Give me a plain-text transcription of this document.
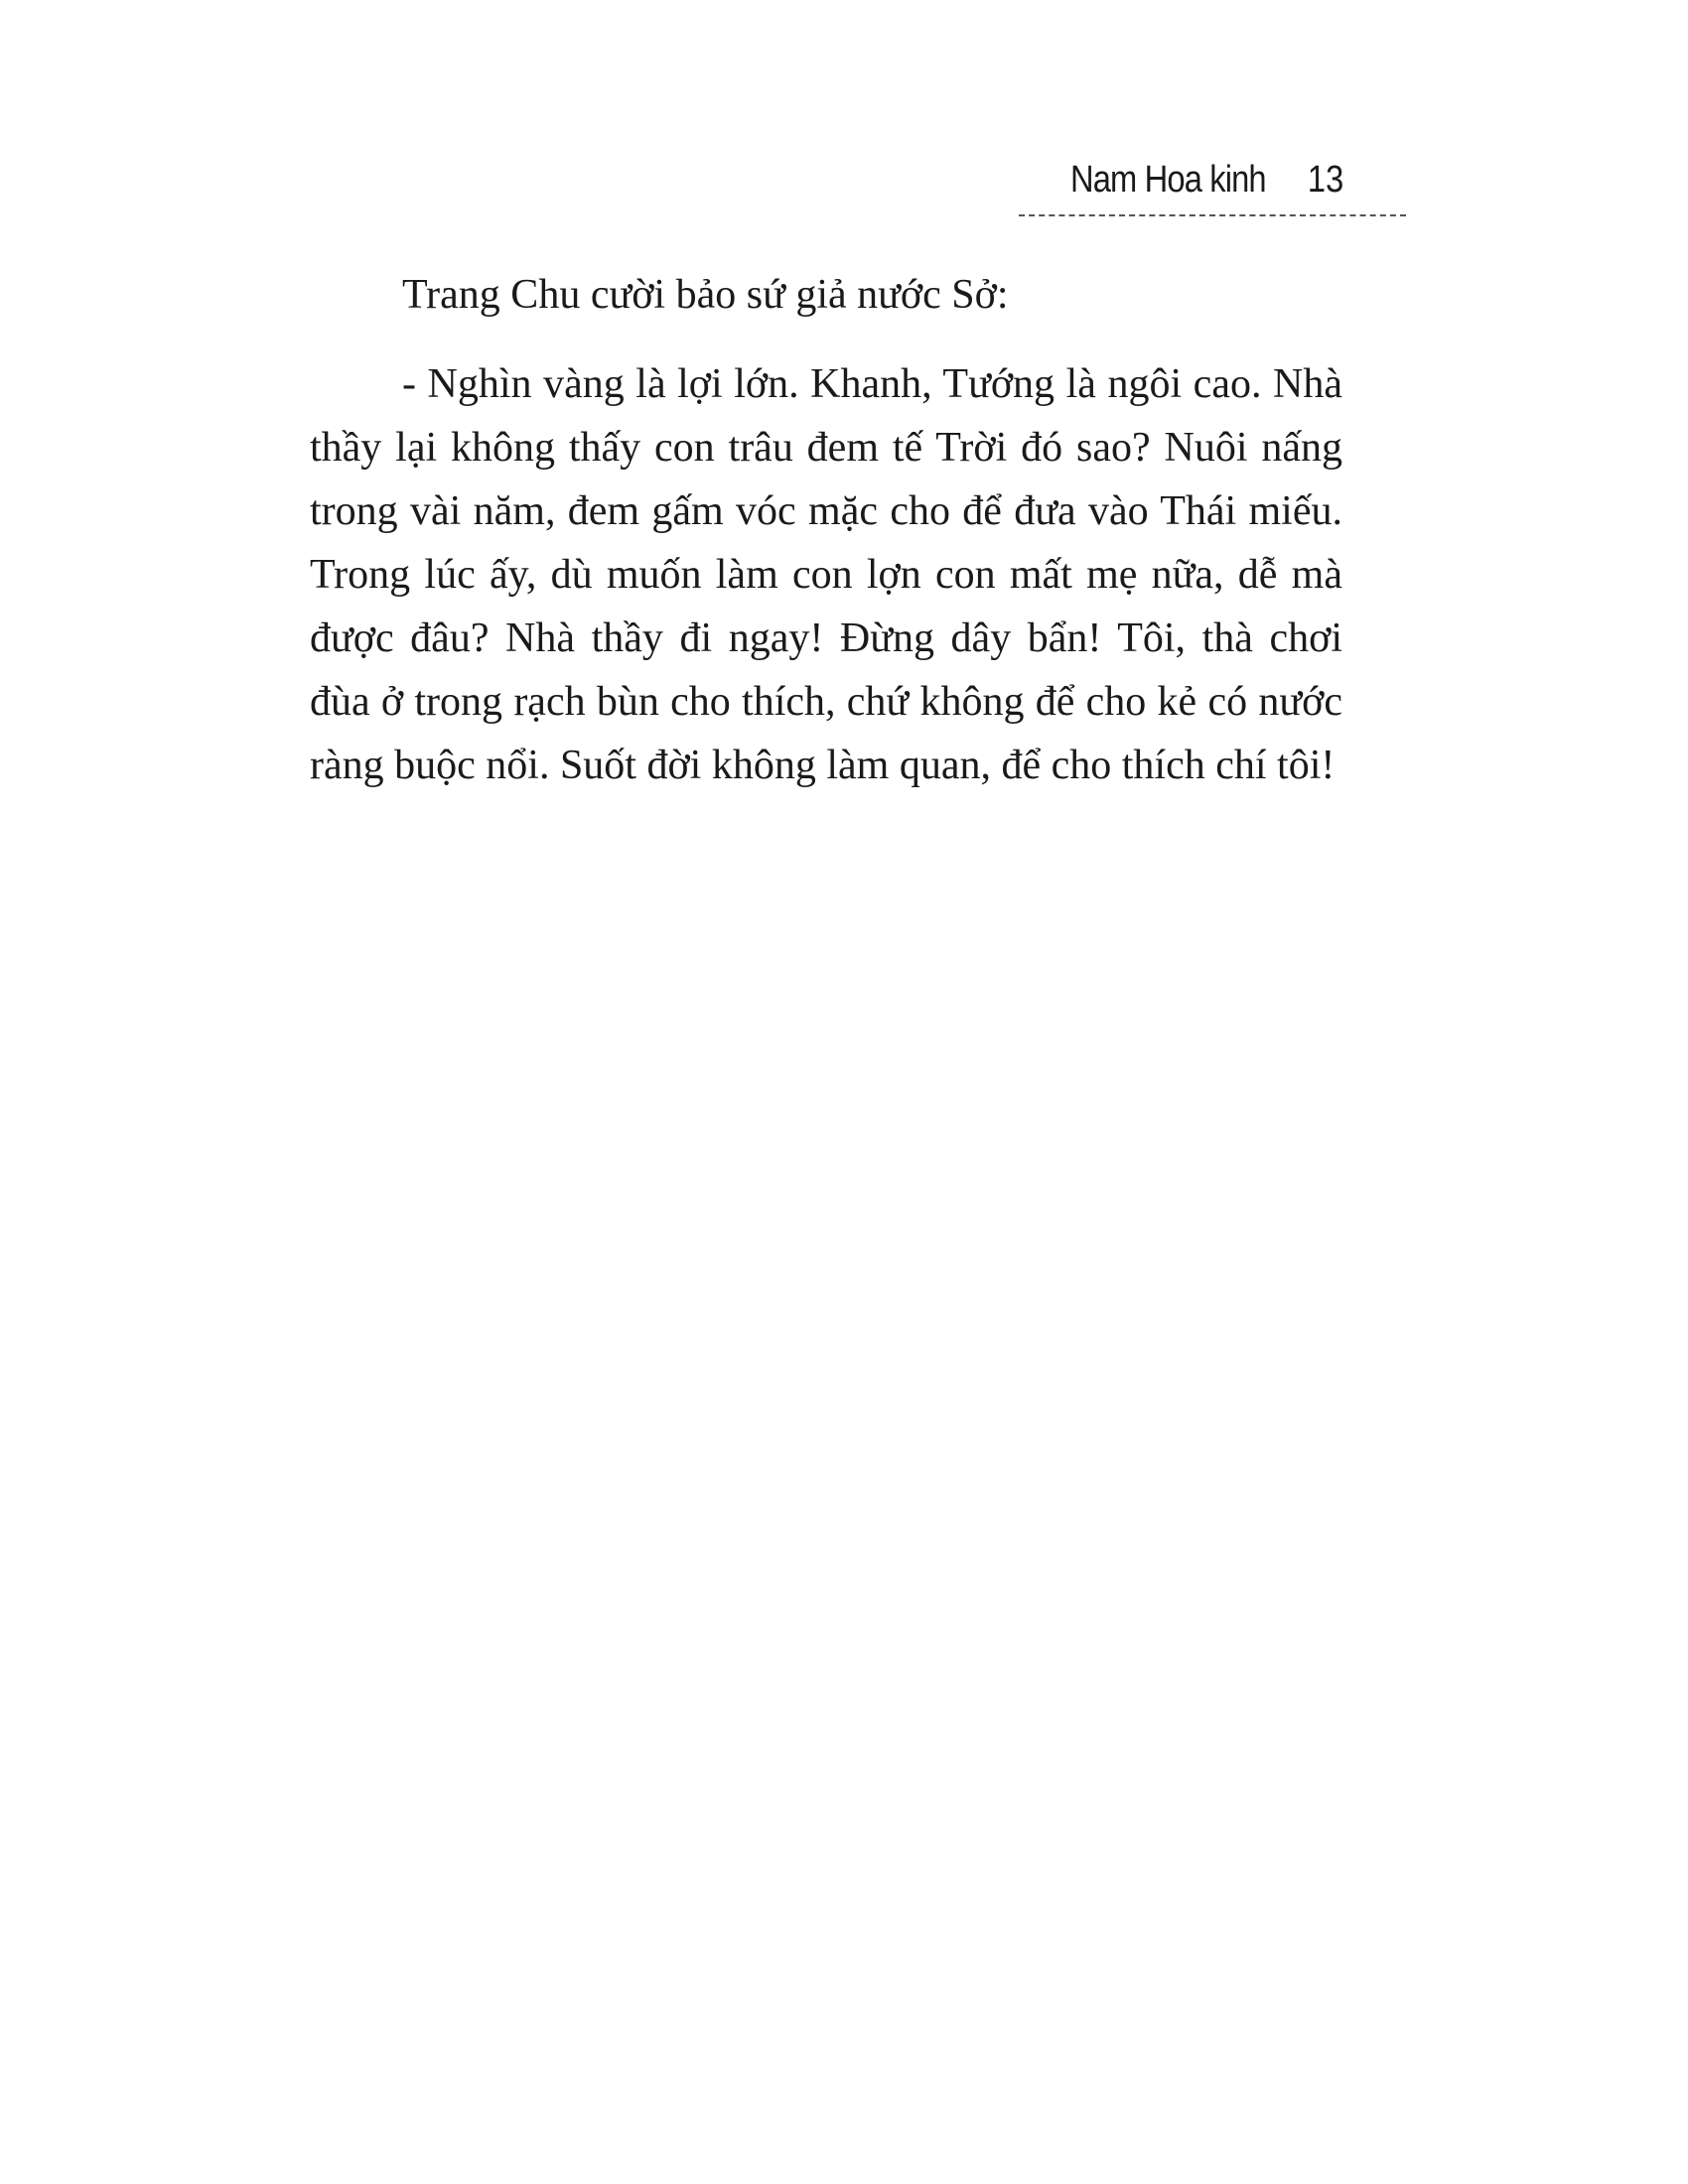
Nam Hoa kinh 13

Trang Chu cười bảo sứ giả nước Sở:

- Nghìn vàng là lợi lớn. Khanh, Tướng là ngôi cao. Nhà thầy lại không thấy con trâu đem tế Trời đó sao? Nuôi nấng trong vài năm, đem gấm vóc mặc cho để đưa vào Thái miếu. Trong lúc ấy, dù muốn làm con lợn con mất mẹ nữa, dễ mà được đâu? Nhà thầy đi ngay! Đừng dây bẩn! Tôi, thà chơi đùa ở trong rạch bùn cho thích, chứ không để cho kẻ có nước ràng buộc nổi. Suốt đời không làm quan, để cho thích chí tôi!
